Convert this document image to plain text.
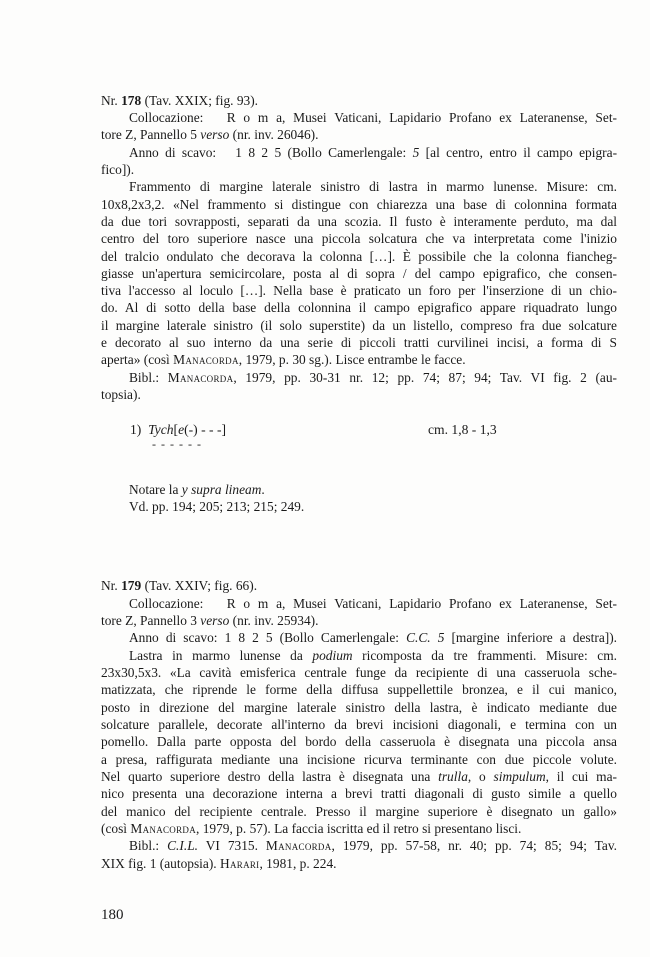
Nr. 178 (Tav. XXIX; fig. 93).
Collocazione: R o m a, Musei Vaticani, Lapidario Profano ex Lateranense, Set-
tore Z, Pannello 5 verso (nr. inv. 26046).
Anno di scavo: 1 8 2 5 (Bollo Camerlengale: 5 [al centro, entro il campo epigra-
fico]).
Frammento di margine laterale sinistro di lastra in marmo lunense. Misure: cm.
10x8,2x3,2. «Nel frammento si distingue con chiarezza una base di colonnina formata
da due tori sovrapposti, separati da una scozia. Il fusto è interamente perduto, ma dal
centro del toro superiore nasce una piccola solcatura che va interpretata come l'inizio
del tralcio ondulato che decorava la colonna […]. È possibile che la colonna fiancheg-
giasse un'apertura semicircolare, posta al di sopra / del campo epigrafico, che consen-
tiva l'accesso al loculo […]. Nella base è praticato un foro per l'inserzione di un chio-
do. Al di sotto della base della colonnina il campo epigrafico appare riquadrato lungo
il margine laterale sinistro (il solo superstite) da un listello, compreso fra due solcature
e decorato al suo interno da una serie di piccoli tratti curvilinei incisi, a forma di S
aperta» (così Manacorda, 1979, p. 30 sg.). Lisce entrambe le facce.
Bibl.: Manacorda, 1979, pp. 30-31 nr. 12; pp. 74; 87; 94; Tav. VI fig. 2 (au-
topsia).
1) Tych[e(-) - - -]	cm. 1,8 - 1,3
- - - - - -
Notare la y supra lineam.
Vd. pp. 194; 205; 213; 215; 249.
Nr. 179 (Tav. XXIV; fig. 66).
Collocazione: R o m a, Musei Vaticani, Lapidario Profano ex Lateranense, Set-
tore Z, Pannello 3 verso (nr. inv. 25934).
Anno di scavo: 1 8 2 5 (Bollo Camerlengale: C.C. 5 [margine inferiore a destra]).
Lastra in marmo lunense da podium ricomposta da tre frammenti. Misure: cm.
23x30,5x3. «La cavità emisferica centrale funge da recipiente di una casseruola sche-
matizzata, che riprende le forme della diffusa suppellettile bronzea, e il cui manico,
posto in direzione del margine laterale sinistro della lastra, è indicato mediante due
solcature parallele, decorate all'interno da brevi incisioni diagonali, e termina con un
pomello. Dalla parte opposta del bordo della casseruola è disegnata una piccola ansa
a presa, raffigurata mediante una incisione ricurva terminante con due piccole volute.
Nel quarto superiore destro della lastra è disegnata una trulla, o simpulum, il cui ma-
nico presenta una decorazione interna a brevi tratti diagonali di gusto simile a quello
del manico del recipiente centrale. Presso il margine superiore è disegnato un gallo»
(così Manacorda, 1979, p. 57). La faccia iscritta ed il retro si presentano lisci.
Bibl.: C.I.L. VI 7315. Manacorda, 1979, pp. 57-58, nr. 40; pp. 74; 85; 94; Tav.
XIX fig. 1 (autopsia). Harari, 1981, p. 224.
180
